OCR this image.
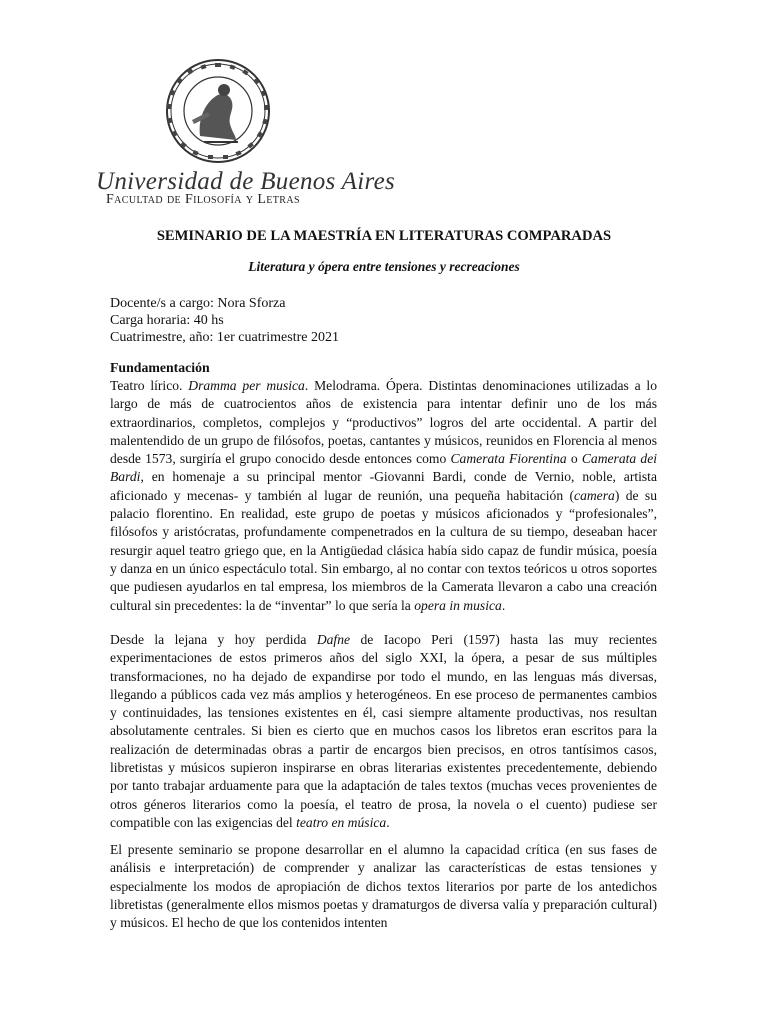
Universidad de Buenos Aires
Facultad de Filosofía y Letras
SEMINARIO DE LA MAESTRÍA EN LITERATURAS COMPARADAS
Literatura y ópera entre tensiones y recreaciones
Docente/s a cargo: Nora Sforza
Carga horaria: 40 hs
Cuatrimestre, año: 1er cuatrimestre 2021
Fundamentación
Teatro lírico. Dramma per musica. Melodrama. Ópera. Distintas denominaciones utilizadas a lo largo de más de cuatrocientos años de existencia para intentar definir uno de los más extraordinarios, completos, complejos y “productivos” logros del arte occidental. A partir del malentendido de un grupo de filósofos, poetas, cantantes y músicos, reunidos en Florencia al menos desde 1573, surgiría el grupo conocido desde entonces como Camerata Fiorentina o Camerata dei Bardi, en homenaje a su principal mentor -Giovanni Bardi, conde de Vernio, noble, artista aficionado y mecenas- y también al lugar de reunión, una pequeña habitación (camera) de su palacio florentino. En realidad, este grupo de poetas y músicos aficionados y “profesionales”, filósofos y aristócratas, profundamente compenetrados en la cultura de su tiempo, deseaban hacer resurgir aquel teatro griego que, en la Antigüedad clásica había sido capaz de fundir música, poesía y danza en un único espectáculo total. Sin embargo, al no contar con textos teóricos u otros soportes que pudiesen ayudarlos en tal empresa, los miembros de la Camerata llevaron a cabo una creación cultural sin precedentes: la de “inventar” lo que sería la opera in musica.
Desde la lejana y hoy perdida Dafne de Iacopo Peri (1597) hasta las muy recientes experimentaciones de estos primeros años del siglo XXI, la ópera, a pesar de sus múltiples transformaciones, no ha dejado de expandirse por todo el mundo, en las lenguas más diversas, llegando a públicos cada vez más amplios y heterogéneos. En ese proceso de permanentes cambios y continuidades, las tensiones existentes en él, casi siempre altamente productivas, nos resultan absolutamente centrales. Si bien es cierto que en muchos casos los libretos eran escritos para la realización de determinadas obras a partir de encargos bien precisos, en otros tantísimos casos, libretistas y músicos supieron inspirarse en obras literarias existentes precedentemente, debiendo por tanto trabajar arduamente para que la adaptación de tales textos (muchas veces provenientes de otros géneros literarios como la poesía, el teatro de prosa, la novela o el cuento) pudiese ser compatible con las exigencias del teatro en música.
El presente seminario se propone desarrollar en el alumno la capacidad crítica (en sus fases de análisis e interpretación) de comprender y analizar las características de estas tensiones y especialmente los modos de apropiación de dichos textos literarios por parte de los antedichos libretistas (generalmente ellos mismos poetas y dramaturgos de diversa valía y preparación cultural) y músicos. El hecho de que los contenidos intenten
